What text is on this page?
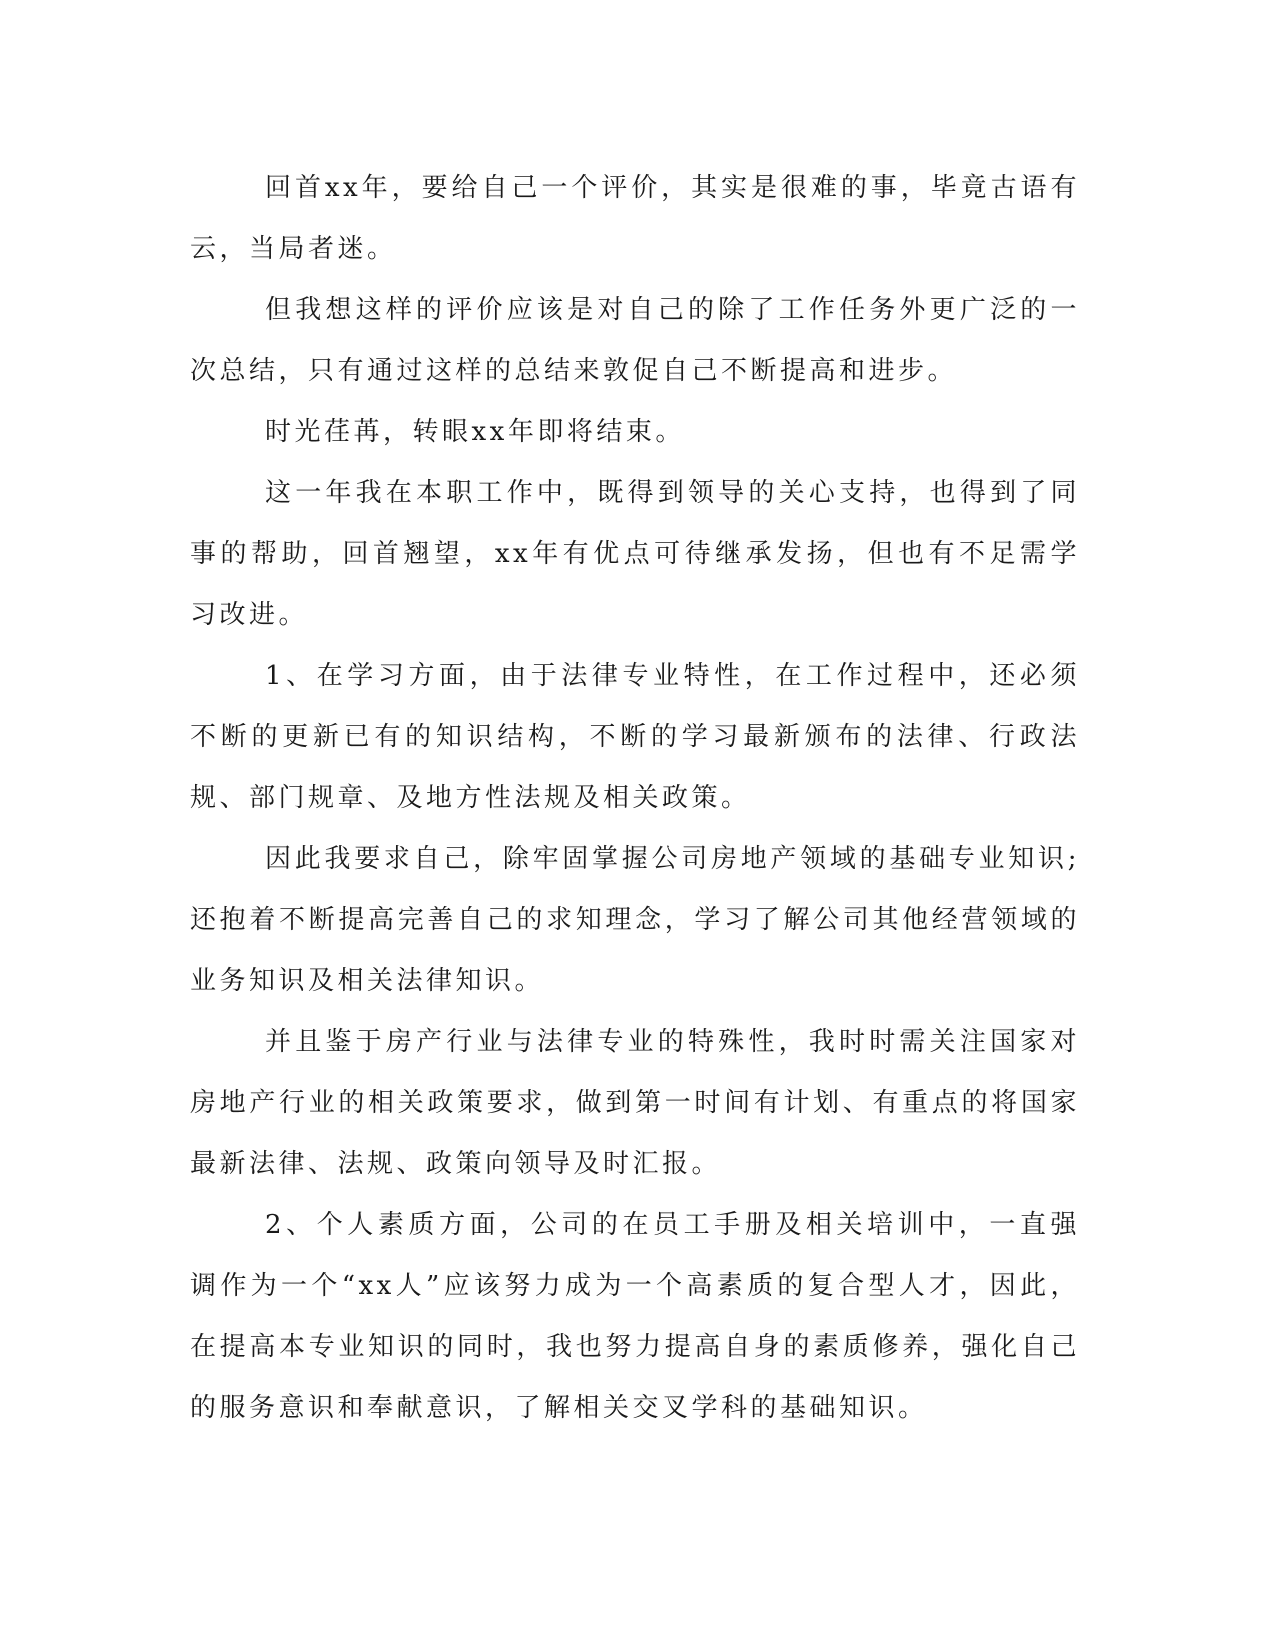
回首xx年，要给自己一个评价，其实是很难的事，毕竟古语有云，当局者迷。

但我想这样的评价应该是对自己的除了工作任务外更广泛的一次总结，只有通过这样的总结来敦促自己不断提高和进步。

时光荏苒，转眼xx年即将结束。

这一年我在本职工作中，既得到领导的关心支持，也得到了同事的帮助，回首翘望，xx年有优点可待继承发扬，但也有不足需学习改进。

1、在学习方面，由于法律专业特性，在工作过程中，还必须不断的更新已有的知识结构，不断的学习最新颁布的法律、行政法规、部门规章、及地方性法规及相关政策。

因此我要求自己，除牢固掌握公司房地产领域的基础专业知识;还抱着不断提高完善自己的求知理念，学习了解公司其他经营领域的业务知识及相关法律知识。

并且鉴于房产行业与法律专业的特殊性，我时时需关注国家对房地产行业的相关政策要求，做到第一时间有计划、有重点的将国家最新法律、法规、政策向领导及时汇报。

2、个人素质方面，公司的在员工手册及相关培训中，一直强调作为一个“xx人”应该努力成为一个高素质的复合型人才，因此，在提高本专业知识的同时，我也努力提高自身的素质修养，强化自己的服务意识和奉献意识，了解相关交叉学科的基础知识。
